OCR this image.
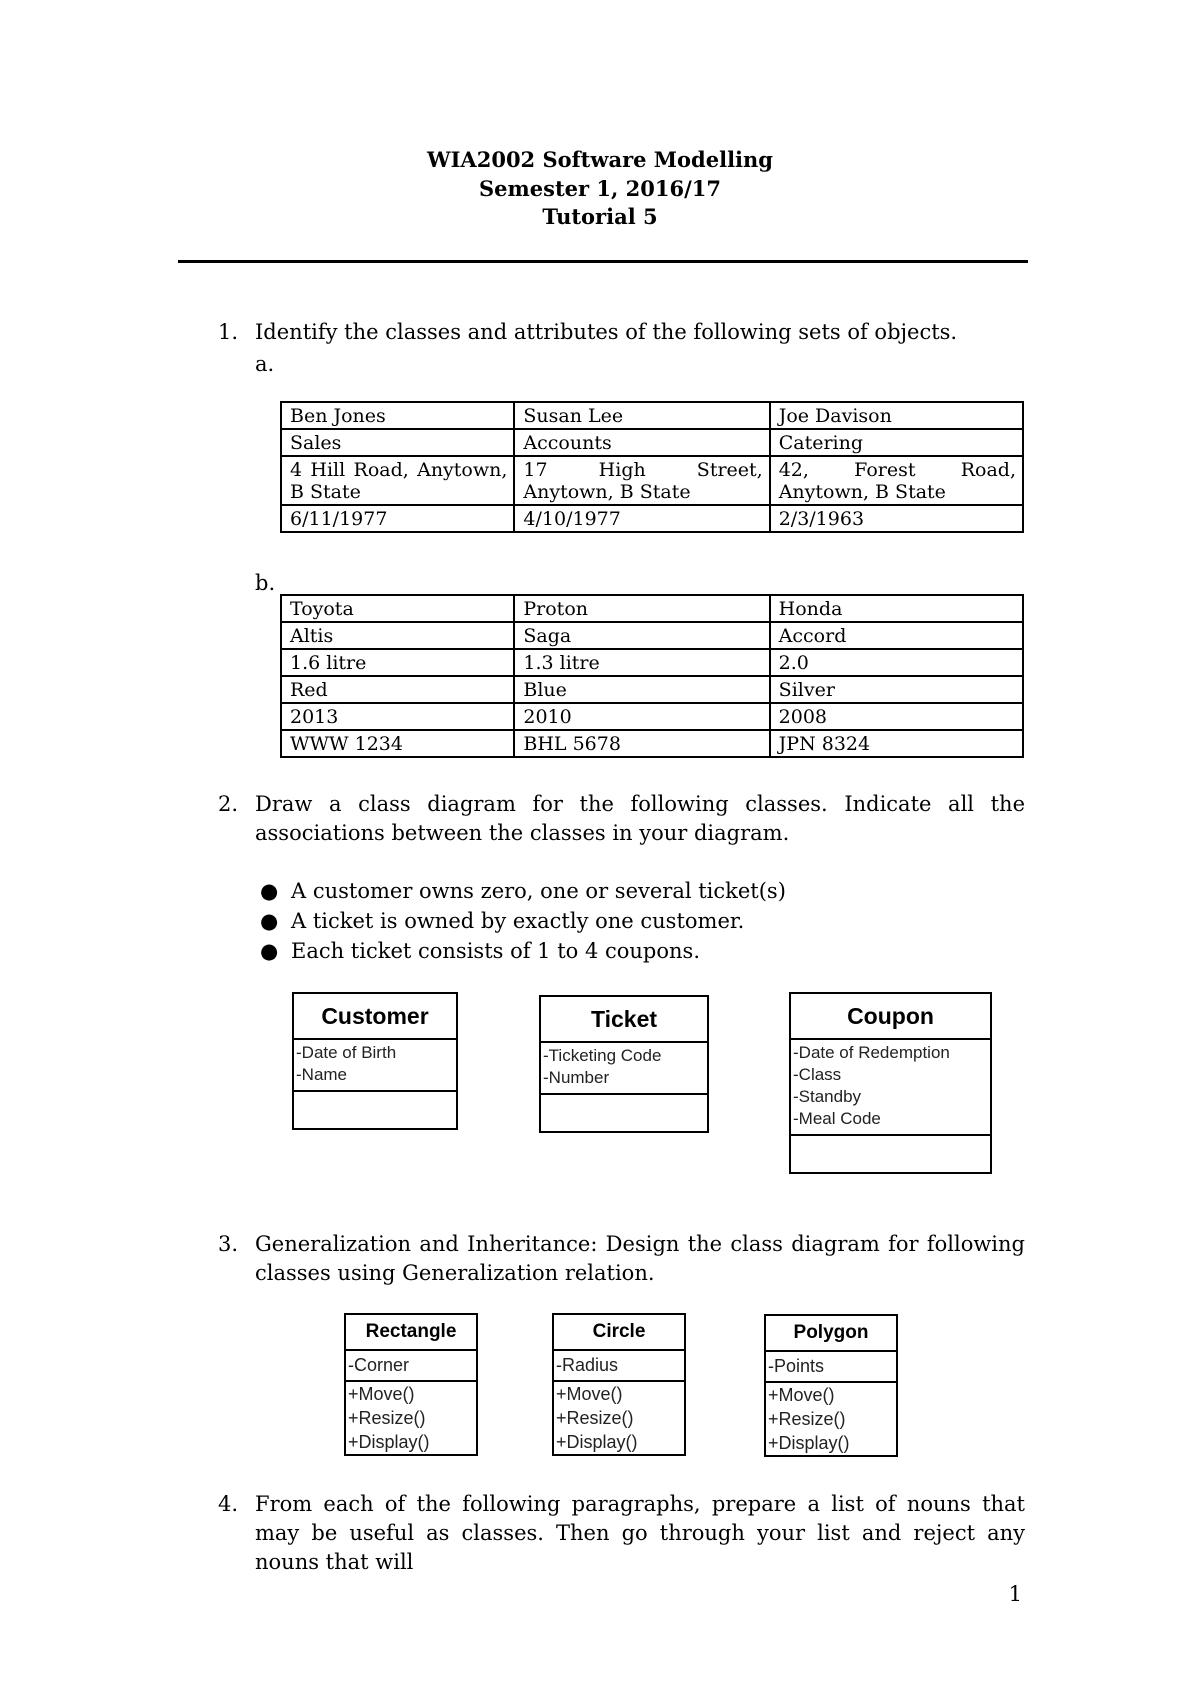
WIA2002 Software Modelling
Semester 1, 2016/17
Tutorial 5
1. Identify the classes and attributes of the following sets of objects.
a.
Ben Jones	Susan Lee	Joe Davison
Sales	Accounts	Catering
4 Hill Road, Anytown, B State	17 High Street, Anytown, B State	42, Forest Road, Anytown, B State
6/11/1977	4/10/1977	2/3/1963
b.
Toyota	Proton	Honda
Altis	Saga	Accord
1.6 litre	1.3 litre	2.0
Red	Blue	Silver
2013	2010	2008
WWW 1234	BHL 5678	JPN 8324
2. Draw a class diagram for the following classes. Indicate all the associations between the classes in your diagram.
● A customer owns zero, one or several ticket(s)
● A ticket is owned by exactly one customer.
● Each ticket consists of 1 to 4 coupons.
Customer
-Date of Birth
-Name
Ticket
-Ticketing Code
-Number
Coupon
-Date of Redemption
-Class
-Standby
-Meal Code
3. Generalization and Inheritance: Design the class diagram for following classes using Generalization relation.
Rectangle
-Corner
+Move()
+Resize()
+Display()
Circle
-Radius
+Move()
+Resize()
+Display()
Polygon
-Points
+Move()
+Resize()
+Display()
4. From each of the following paragraphs, prepare a list of nouns that may be useful as classes. Then go through your list and reject any nouns that will
1
